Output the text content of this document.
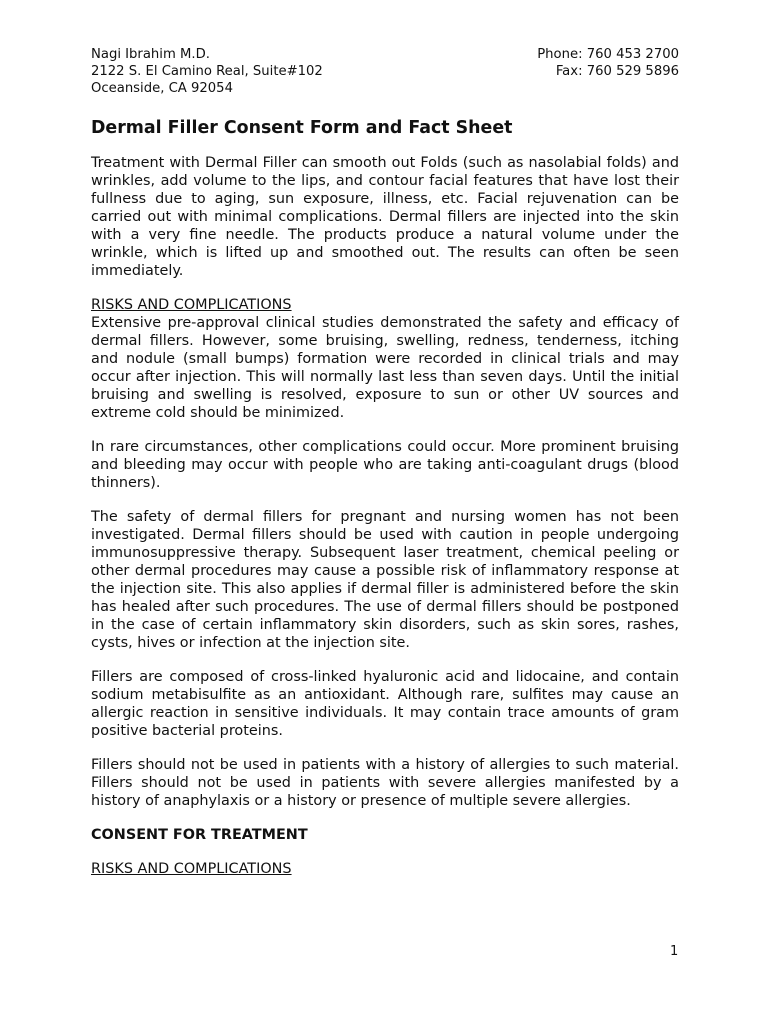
Nagi Ibrahim M.D.
2122 S. El Camino Real, Suite#102
Oceanside, CA 92054
Phone: 760 453 2700
Fax: 760 529 5896
Dermal Filler Consent Form and Fact Sheet

Treatment with Dermal Filler can smooth out Folds (such as nasolabial folds) and wrinkles, add volume to the lips, and contour facial features that have lost their fullness due to aging, sun exposure, illness, etc. Facial rejuvenation can be carried out with minimal complications. Dermal fillers are injected into the skin with a very fine needle. The products produce a natural volume under the wrinkle, which is lifted up and smoothed out. The results can often be seen immediately.

RISKS AND COMPLICATIONS

Extensive pre-approval clinical studies demonstrated the safety and efficacy of dermal fillers. However, some bruising, swelling, redness, tenderness, itching and nodule (small bumps) formation were recorded in clinical trials and may occur after injection. This will normally last less than seven days. Until the initial bruising and swelling is resolved, exposure to sun or other UV sources and extreme cold should be minimized.

In rare circumstances, other complications could occur. More prominent bruising and bleeding may occur with people who are taking anti-coagulant drugs (blood thinners).

The safety of dermal fillers for pregnant and nursing women has not been investigated. Dermal fillers should be used with caution in people undergoing immunosuppressive therapy. Subsequent laser treatment, chemical peeling or other dermal procedures may cause a possible risk of inflammatory response at the injection site. This also applies if dermal filler is administered before the skin has healed after such procedures. The use of dermal fillers should be postponed in the case of certain inflammatory skin disorders, such as skin sores, rashes, cysts, hives or infection at the injection site.

Fillers are composed of cross-linked hyaluronic acid and lidocaine, and contain sodium metabisulfite as an antioxidant. Although rare, sulfites may cause an allergic reaction in sensitive individuals. It may contain trace amounts of gram positive bacterial proteins.

Fillers should not be used in patients with a history of allergies to such material. Fillers should not be used in patients with severe allergies manifested by a history of anaphylaxis or a history or presence of multiple severe allergies.

CONSENT FOR TREATMENT
RISKS AND COMPLICATIONS
1
